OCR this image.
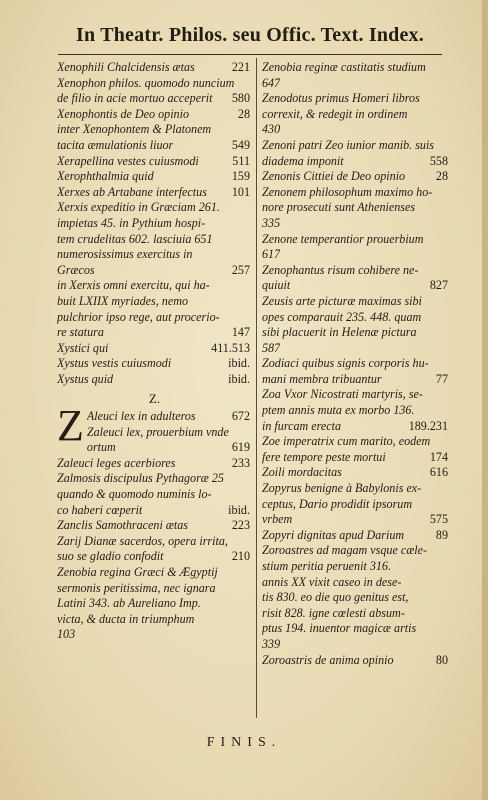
In Theatr. Philos. seu Offic. Text. Index.
Xenophili Chalcidensis ætas	221
Xenophon philos. quomodo nuncium
de filio in acie mortuo acceperit 580
Xenophontis de Deo opinio	28
inter Xenophontem & Platonem
tacita æmulationis liuor	549
Xerapellina vestes cuiusmodi	511
Xerophthalmia quid	159
Xerxes ab Artabane interfectus 101
Xerxis expeditio in Græciam 261.
impietas 45. in Pythium hospi-
tem crudelitas 602. lasciuia 651
numerosissimus exercitus in
Græcos	257
in Xerxis omni exercitu, qui ha-
buit LXIIX myriades, nemo
pulchrior ipso rege, aut procerio-
re statura	147
Xystici qui	411.513
Xystus vestis cuiusmodi	ibid.
Xystus quid	ibid.
Z.
Z Aleuci lex in adulteros	672
Zaleuci lex, prouerbium vnde
ortum	619
Zaleuci leges acerbiores	233
Zalmosis discipulus Pythagoræ 25
quando & quomodo numinis lo-
co haberi cœperit	ibid.
Zanclis Samothraceni ætas	223
Zarij Dianæ sacerdos, opera irrita,
suo se gladio confodit	210
Zenobia regina Græci & Ægyptij
sermonis peritissima, nec ignara
Latini 343. ab Aureliano Imp.
victa, & ducta in triumphum
103
Zenobia reginæ castitatis studium
647
Zenodotus primus Homeri libros
correxit, & redegit in ordinem
430
Zenoni patri Zeo iunior manib. suis
diadema imponit	558
Zenonis Cittiei de Deo opinio	28
Zenonem philosophum maximo ho-
nore prosecuti sunt Athenienses
335
Zenone temperantior prouerbium
617
Zenophantus risum cohibere ne-
quiuit	827
Zeusis arte picturæ maximas sibi
opes comparauit 235. 448. quam
sibi placuerit in Helenæ pictura
587
Zodiaci quibus signis corporis hu-
mani membra tribuantur	77
Zoa Vxor Nicostrati martyris, se-
ptem annis muta ex morbo 136.
in furcam erecta	189.231
Zoe imperatrix cum marito, eodem
fere tempore peste mortui	174
Zoili mordacitas	616
Zopyrus benigne à Babylonis ex-
ceptus, Dario prodidit ipsorum
vrbem	575
Zopyri dignitas apud Darium	89
Zoroastres ad magam vsque cæle-
stium peritia peruenit 316.
annis XX vixit caseo in dese-
tis 830. eo die quo genitus est,
risit 828. igne cœlesti absum-
ptus 194. inuentor magicæ artis
339
Zoroastris de anima opinio	80
FINIS.
